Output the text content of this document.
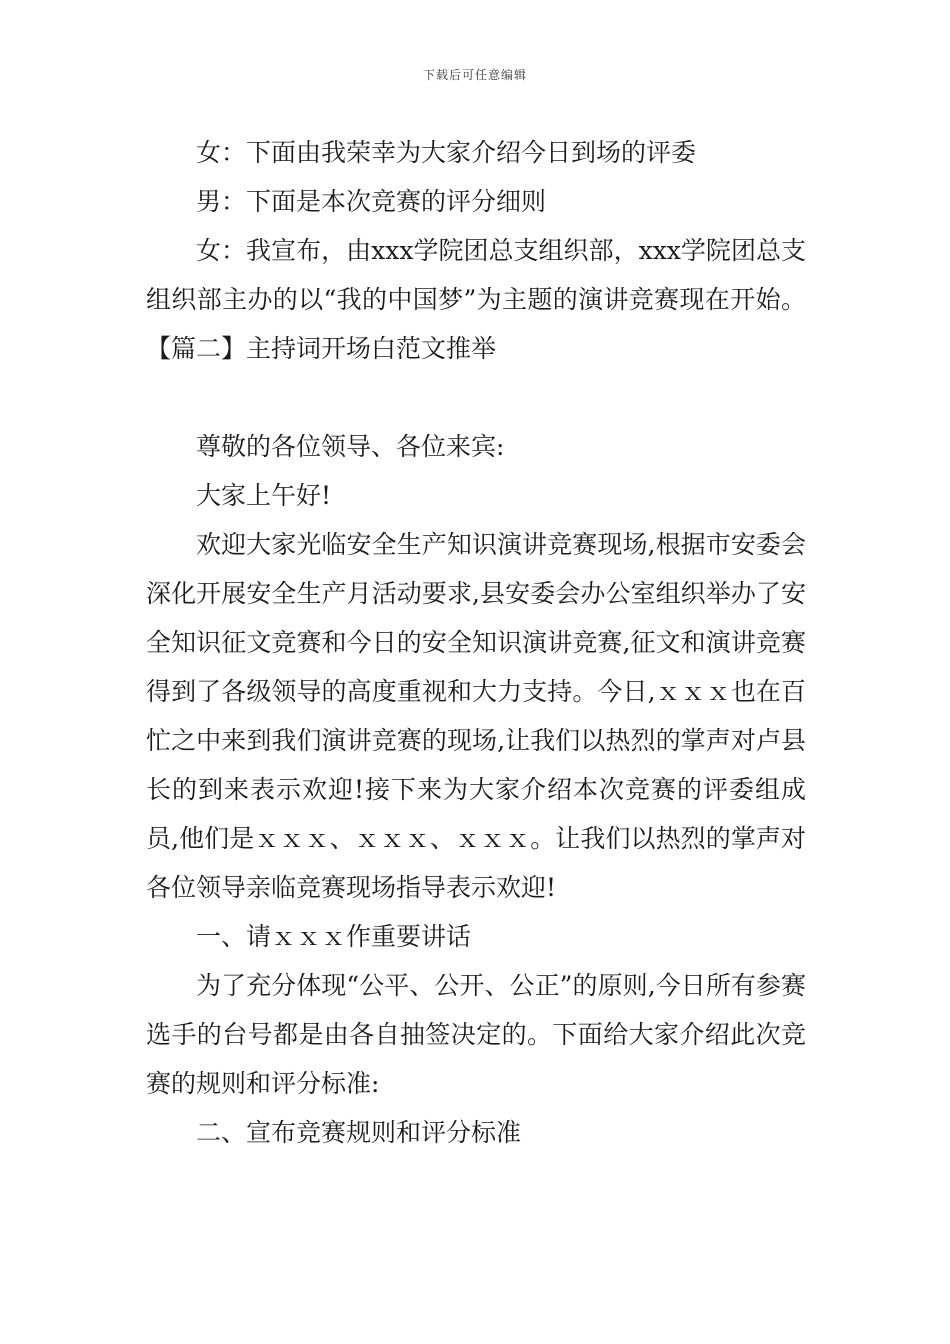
下载后可任意编辑

女：下面由我荣幸为大家介绍今日到场的评委

男：下面是本次竞赛的评分细则

女：我宣布，由xxx学院团总支组织部，xxx学院团总支组织部主办的以“我的中国梦”为主题的演讲竞赛现在开始。【篇二】主持词开场白范文推举

尊敬的各位领导、各位来宾:

大家上午好!

欢迎大家光临安全生产知识演讲竞赛现场,根据市安委会深化开展安全生产月活动要求,县安委会办公室组织举办了安全知识征文竞赛和今日的安全知识演讲竞赛,征文和演讲竞赛得到了各级领导的高度重视和大力支持。今日,ｘｘｘ也在百忙之中来到我们演讲竞赛的现场,让我们以热烈的掌声对卢县长的到来表示欢迎!接下来为大家介绍本次竞赛的评委组成员,他们是ｘｘｘ、ｘｘｘ、ｘｘｘ。让我们以热烈的掌声对各位领导亲临竞赛现场指导表示欢迎!

一、请ｘｘｘ作重要讲话

为了充分体现“公平、公开、公正”的原则,今日所有参赛选手的台号都是由各自抽签决定的。下面给大家介绍此次竞赛的规则和评分标准:

二、宣布竞赛规则和评分标准
